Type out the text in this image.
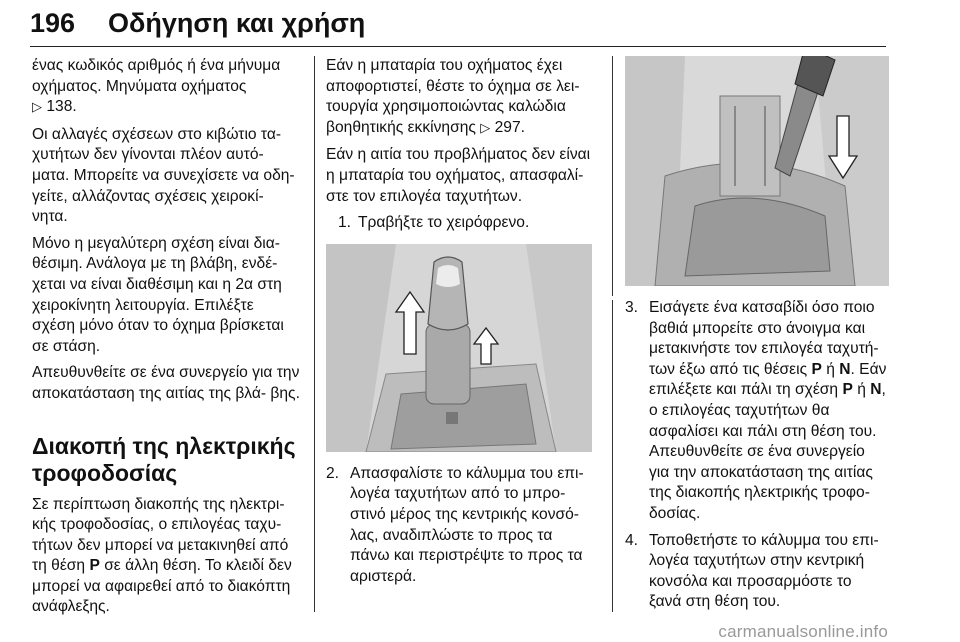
196 Οδήγηση και χρήση

ένας κωδικός αριθμός ή ένα μήνυμα οχήματος. Μηνύματα οχήματος
▷ 138.

Οι αλλαγές σχέσεων στο κιβώτιο τα- χυτήτων δεν γίνονται πλέον αυτό- ματα. Μπορείτε να συνεχίσετε να οδη- γείτε, αλλάζοντας σχέσεις χειροκί- νητα.

Μόνο η μεγαλύτερη σχέση είναι δια- θέσιμη. Ανάλογα με τη βλάβη, ενδέ- χεται να είναι διαθέσιμη και η 2α στη χειροκίνητη λειτουργία. Επιλέξτε σχέση μόνο όταν το όχημα βρίσκεται σε στάση.

Απευθυνθείτε σε ένα συνεργείο για την αποκατάσταση της αιτίας της βλά- βης.

Διακοπή της ηλεκτρικής τροφοδοσίας

Σε περίπτωση διακοπής της ηλεκτρι- κής τροφοδοσίας, ο επιλογέας ταχυ- τήτων δεν μπορεί να μετακινηθεί από τη θέση P σε άλλη θέση. Το κλειδί δεν μπορεί να αφαιρεθεί από το διακόπτη ανάφλεξης.

Εάν η μπαταρία του οχήματος έχει αποφορτιστεί, θέστε το όχημα σε λει- τουργία χρησιμοποιώντας καλώδια βοηθητικής εκκίνησης ▷ 297.

Εάν η αιτία του προβλήματος δεν είναι η μπαταρία του οχήματος, απασφαλί- στε τον επιλογέα ταχυτήτων.

1. Τραβήξτε το χειρόφρενο.
2. Απασφαλίστε το κάλυμμα του επι- λογέα ταχυτήτων από το μπρο- στινό μέρος της κεντρικής κονσό- λας, αναδιπλώστε το προς τα πάνω και περιστρέψτε το προς τα αριστερά.
3. Εισάγετε ένα κατσαβίδι όσο ποιο βαθιά μπορείτε στο άνοιγμα και μετακινήστε τον επιλογέα ταχυτή- των έξω από τις θέσεις P ή N. Εάν επιλέξετε και πάλι τη σχέση P ή N, ο επιλογέας ταχυτήτων θα ασφαλίσει και πάλι στη θέση του. Απευθυνθείτε σε ένα συνεργείο για την αποκατάσταση της αιτίας της διακοπής ηλεκτρικής τροφο- δοσίας.
4. Τοποθετήστε το κάλυμμα του επι- λογέα ταχυτήτων στην κεντρική κονσόλα και προσαρμόστε το ξανά στη θέση του.
carmanualsonline.info
